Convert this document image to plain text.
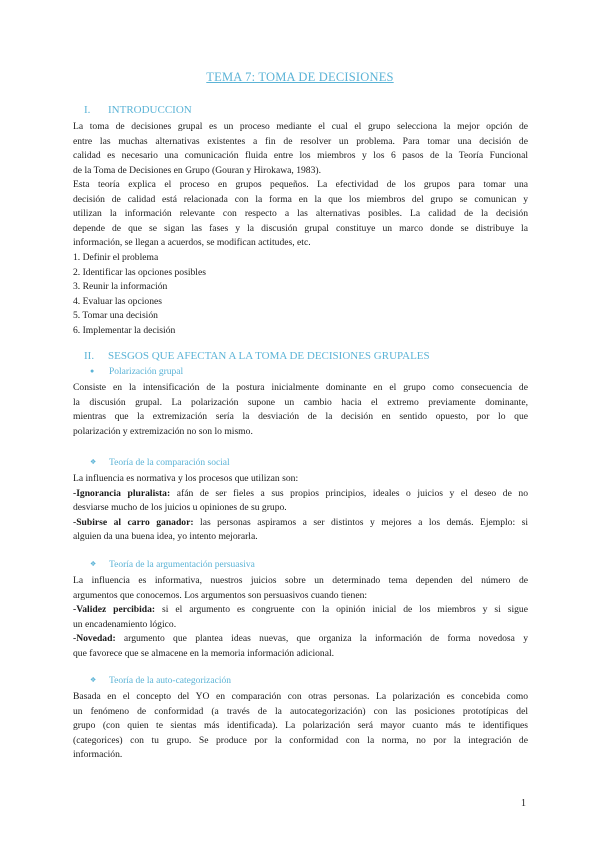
TEMA 7: TOMA DE DECISIONES
I. INTRODUCCION
La toma de decisiones grupal es un proceso mediante el cual el grupo selecciona la mejor opción de
entre las muchas alternativas existentes a fin de resolver un problema. Para tomar una decisión de
calidad es necesario una comunicación fluida entre los miembros y los 6 pasos de la Teoría Funcional
de la Toma de Decisiones en Grupo (Gouran y Hirokawa, 1983).
Esta teoría explica el proceso en grupos pequeños. La efectividad de los grupos para tomar una
decisión de calidad está relacionada con la forma en la que los miembros del grupo se comunican y
utilizan la información relevante con respecto a las alternativas posibles. La calidad de la decisión
depende de que se sigan las fases y la discusión grupal constituye un marco donde se distribuye la
información, se llegan a acuerdos, se modifican actitudes, etc.
1. Definir el problema
2. Identificar las opciones posibles
3. Reunir la información
4. Evaluar las opciones
5. Tomar una decisión
6. Implementar la decisión
II. SESGOS QUE AFECTAN A LA TOMA DE DECISIONES GRUPALES
● Polarización grupal
Consiste en la intensificación de la postura inicialmente dominante en el grupo como consecuencia de
la discusión grupal. La polarización supone un cambio hacia el extremo previamente dominante,
mientras que la extremización sería la desviación de la decisión en sentido opuesto, por lo que
polarización y extremización no son lo mismo.
❖ Teoría de la comparación social
La influencia es normativa y los procesos que utilizan son:
-Ignorancia pluralista: afán de ser fieles a sus propios principios, ideales o juicios y el deseo de no
desviarse mucho de los juicios u opiniones de su grupo.
-Subirse al carro ganador: las personas aspiramos a ser distintos y mejores a los demás. Ejemplo: si
alguien da una buena idea, yo intento mejorarla.
❖ Teoría de la argumentación persuasiva
La influencia es informativa, nuestros juicios sobre un determinado tema dependen del número de
argumentos que conocemos. Los argumentos son persuasivos cuando tienen:
-Validez percibida: si el argumento es congruente con la opinión inicial de los miembros y si sigue
un encadenamiento lógico.
-Novedad: argumento que plantea ideas nuevas, que organiza la información de forma novedosa y
que favorece que se almacene en la memoria información adicional.
❖ Teoría de la auto-categorización
Basada en el concepto del YO en comparación con otras personas. La polarización es concebida como
un fenómeno de conformidad (a través de la autocategorización) con las posiciones prototípicas del
grupo (con quien te sientas más identificada). La polarización será mayor cuanto más te identifiques
(categorices) con tu grupo. Se produce por la conformidad con la norma, no por la integración de
información.
1
